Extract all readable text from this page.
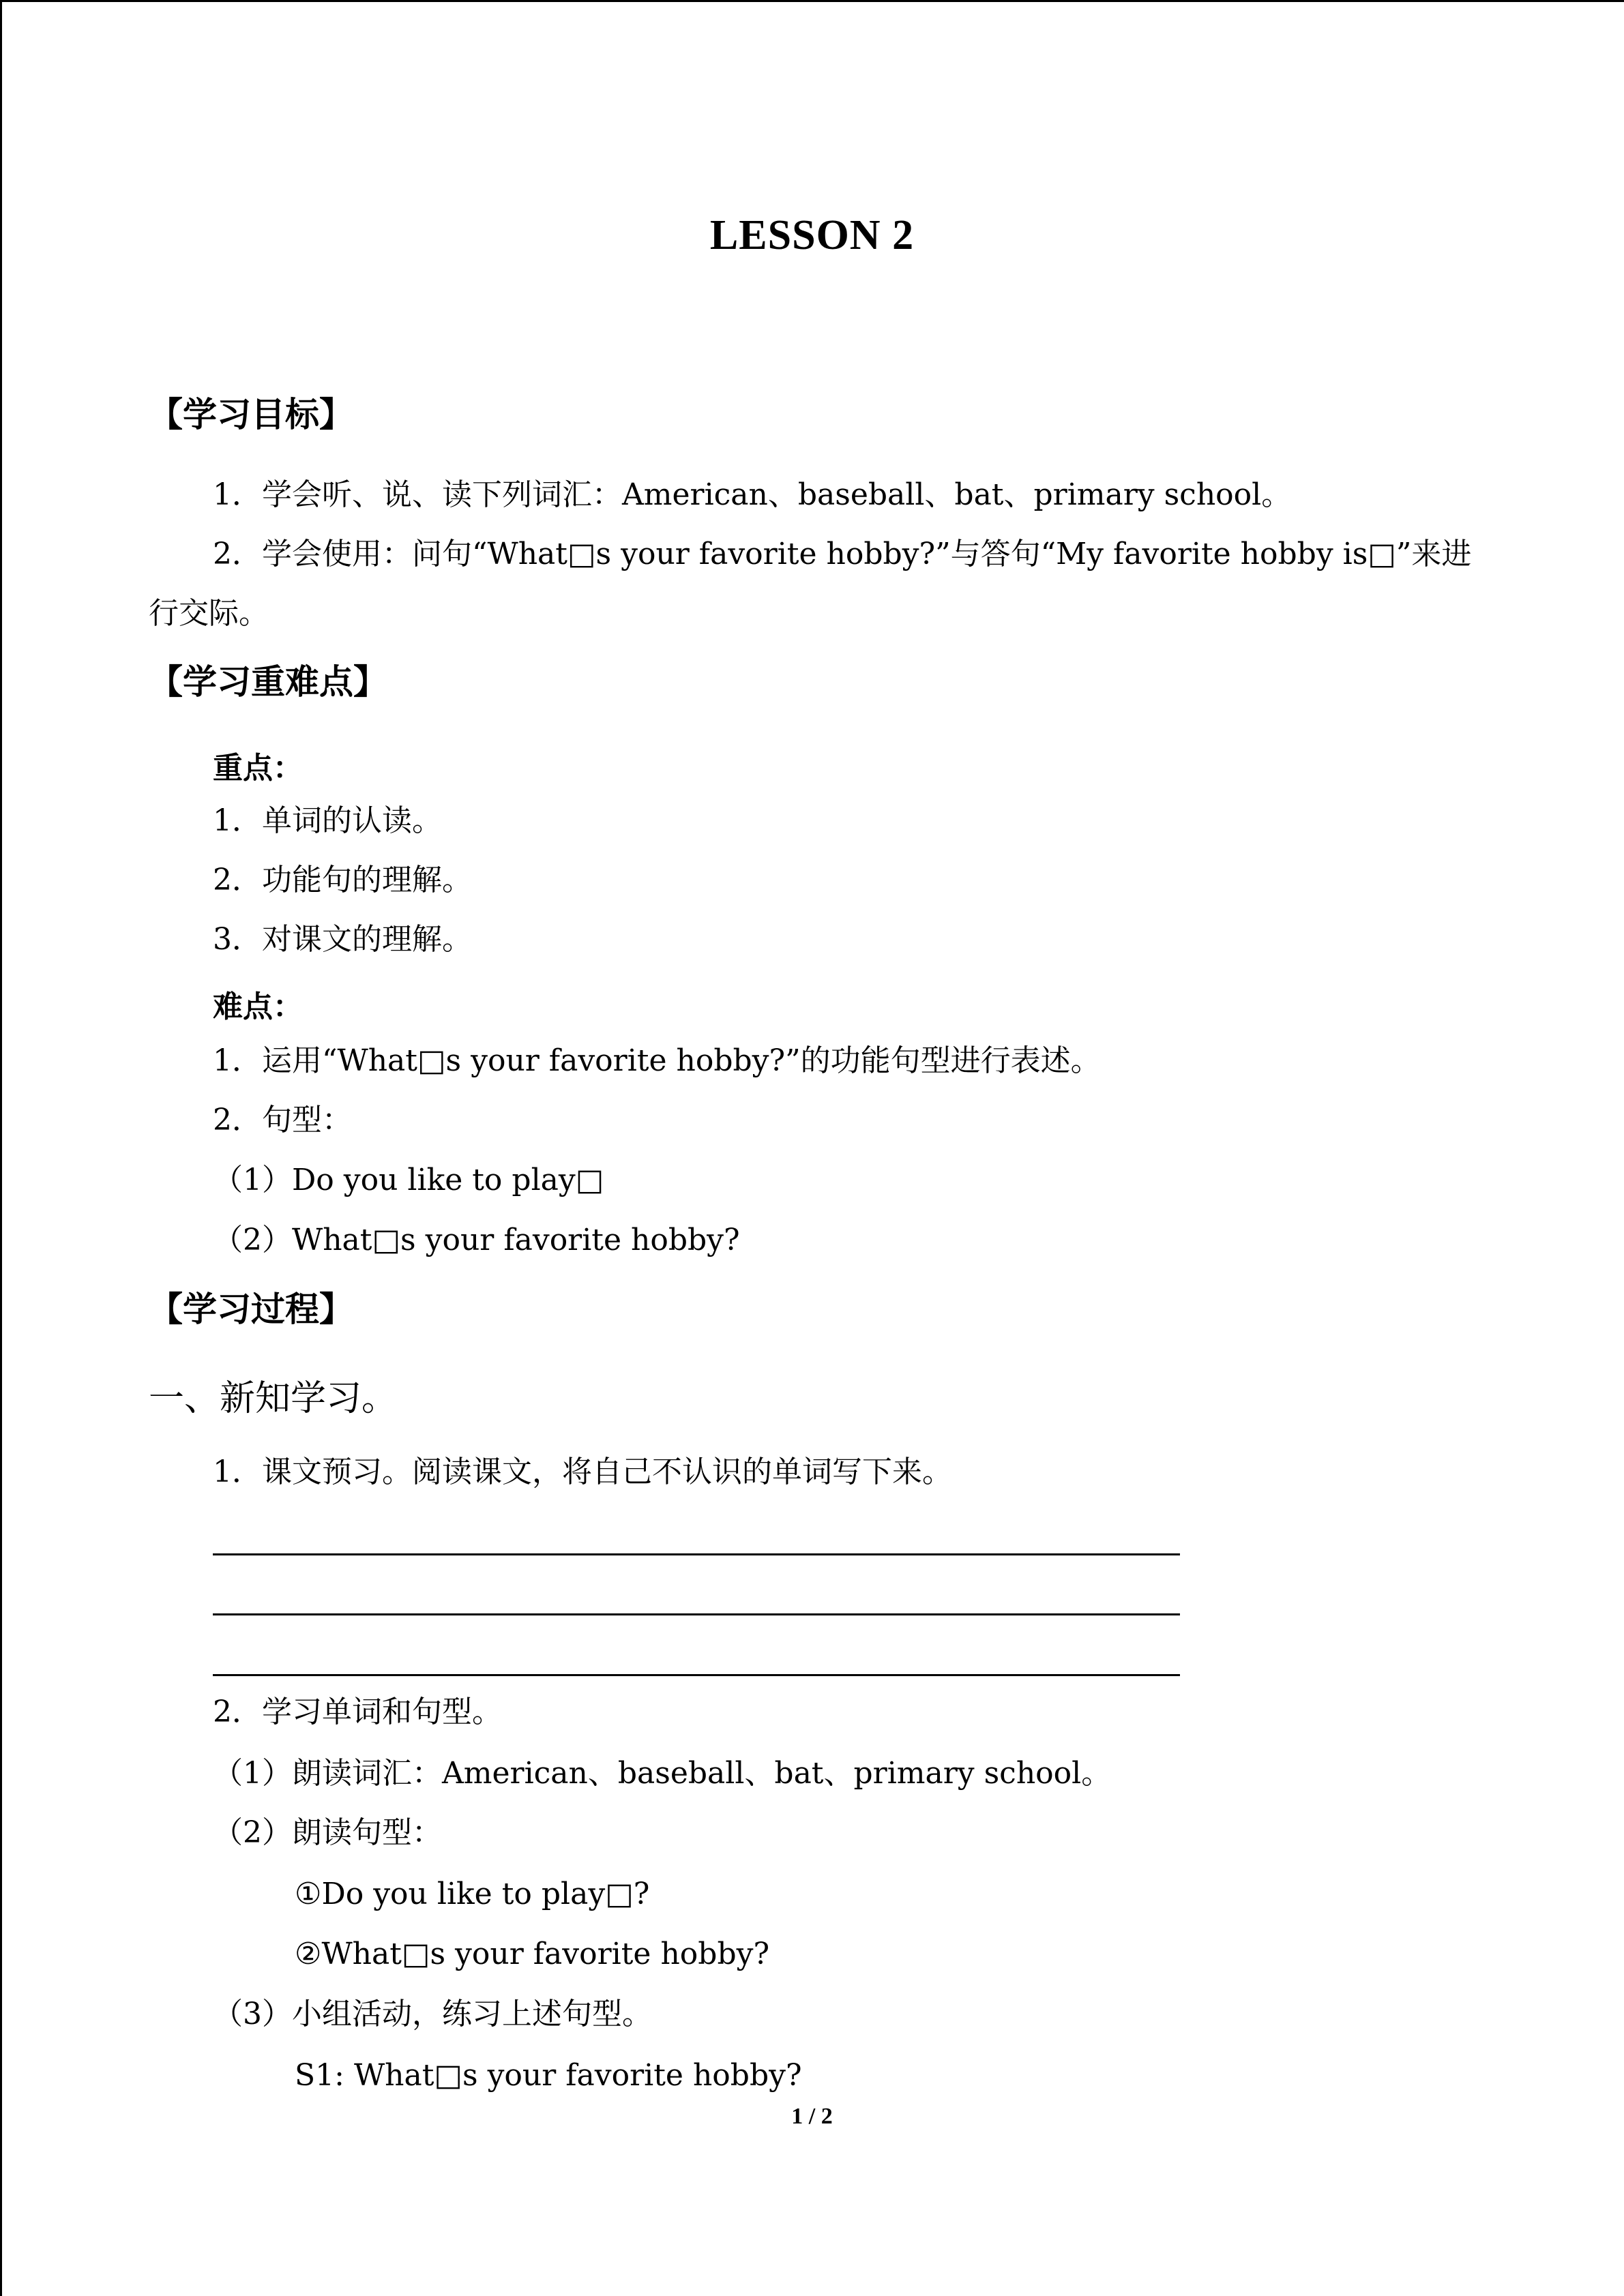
LESSON 2
【学习目标】
1．学会听、说、读下列词汇：American、baseball、bat、primary school。
2．学会使用：问句“What□s your favorite hobby?”与答句“My favorite hobby is□”来进
行交际。
【学习重难点】
重点：
1．单词的认读。
2．功能句的理解。
3．对课文的理解。
难点：
1．运用“What□s your favorite hobby?”的功能句型进行表述。
2．句型：
（1）Do you like to play□
（2）What□s your favorite hobby?
【学习过程】
一、新知学习。
1．课文预习。阅读课文，将自己不认识的单词写下来。
2．学习单词和句型。
（1）朗读词汇：American、baseball、bat、primary school。
（2）朗读句型：
①Do you like to play□?
②What□s your favorite hobby?
（3）小组活动，练习上述句型。
S1: What□s your favorite hobby?
1 / 2
